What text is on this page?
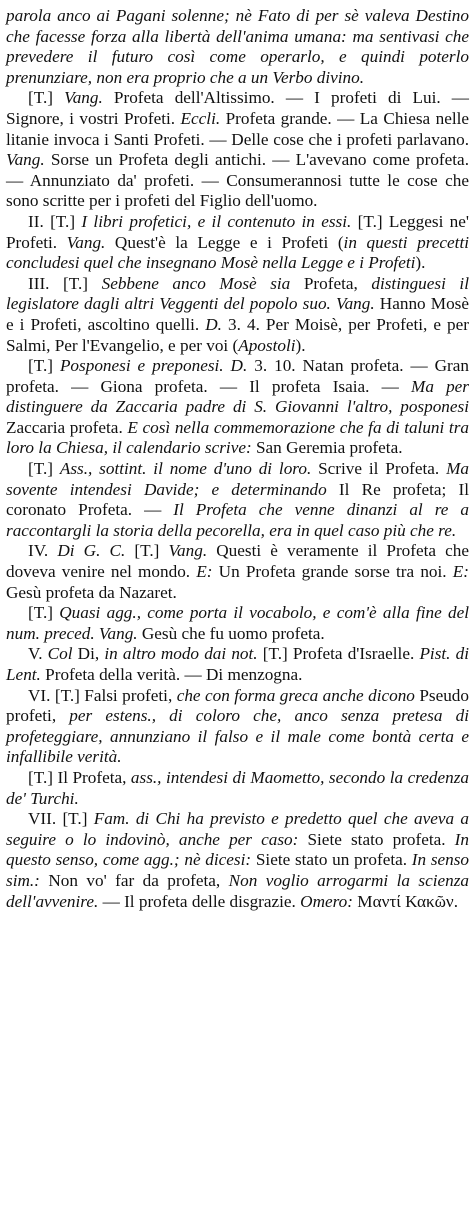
parola anco ai Pagani solenne; nè Fato di per sè valeva Destino che facesse forza alla libertà dell'anima umana: ma sentivasi che prevedere il futuro così come operarlo, e quindi poterlo prenunziare, non era proprio che a un Verbo divino.

[T.] Vang. Profeta dell'Altissimo. — I profeti di Lui. — Signore, i vostri Profeti. Eccli. Profeta grande. — La Chiesa nelle litanie invoca i Santi Profeti. — Delle cose che i profeti parlavano. Vang. Sorse un Profeta degli antichi. — L'avevano come profeta. — Annunziato da' profeti. — Consumerannosi tutte le cose che sono scritte per i profeti del Figlio dell'uomo.

II. [T.] I libri profetici, e il contenuto in essi. [T.] Leggesi ne' Profeti. Vang. Quest'è la Legge e i Profeti (in questi precetti concludesi quel che insegnano Mosè nella Legge e i Profeti).

III. [T.] Sebbene anco Mosè sia Profeta, distinguesi il legislatore dagli altri Veggenti del popolo suo. Vang. Hanno Mosè e i Profeti, ascoltino quelli. D. 3. 4. Per Moisè, per Profeti, e per Salmi, Per l'Evangelio, e per voi (Apostoli).

[T.] Posponesi e preponesi. D. 3. 10. Natan profeta. — Gran profeta. — Giona profeta. — Il profeta Isaia. — Ma per distinguere da Zaccaria padre di S. Giovanni l'altro, posponesi Zaccaria profeta. E così nella commemorazione che fa di taluni tra loro la Chiesa, il calendario scrive: San Geremia profeta.

[T.] Ass., sottint. il nome d'uno di loro. Scrive il Profeta. Ma sovente intendesi Davide; e determinando Il Re profeta; Il coronato Profeta. — Il Profeta che venne dinanzi al re a raccontargli la storia della pecorella, era in quel caso più che re.

IV. Di G. C. [T.] Vang. Questi è veramente il Profeta che doveva venire nel mondo. E: Un Profeta grande sorse tra noi. E: Gesù profeta da Nazaret.

[T.] Quasi agg., come porta il vocabolo, e com'è alla fine del num. preced. Vang. Gesù che fu uomo profeta.

V. Col Di, in altro modo dai not. [T.] Profeta d'Israelle. Pist. di Lent. Profeta della verità. — Di menzogna.

VI. [T.] Falsi profeti, che con forma greca anche dicono Pseudo profeti, per estens., di coloro che, anco senza pretesa di profeteggiare, annunziano il falso e il male come bontà certa e infallibile verità.

[T.] Il Profeta, ass., intendesi di Maometto, secondo la credenza de' Turchi.

VII. [T.] Fam. di Chi ha previsto e predetto quel che aveva a seguire o lo indovinò, anche per caso: Siete stato profeta. In questo senso, come agg.; nè dicesi: Siete stato un profeta. In senso sim.: Non vo' far da profeta, Non voglio arrogarmi la scienza dell'avvenire. — Il profeta delle disgrazie. Omero: Μαντί Κακῶν.
